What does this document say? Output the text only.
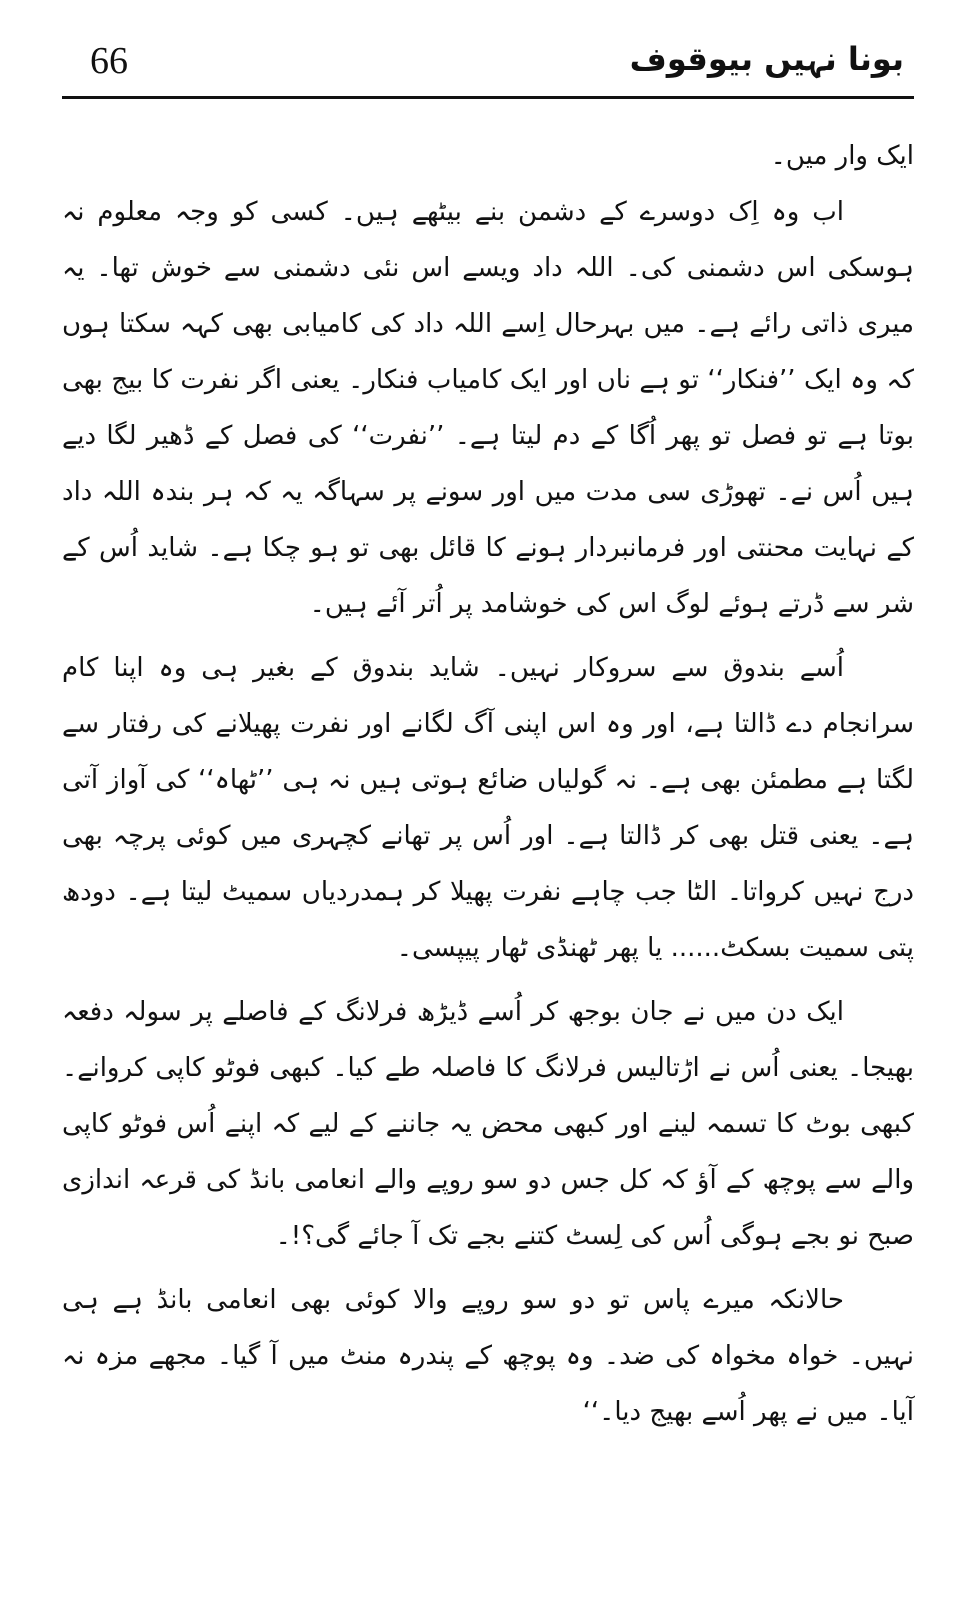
66	بونا نہیں بیوقوف

ایک وار میں۔

اب وہ اِک دوسرے کے دشمن بنے بیٹھے ہیں۔ کسی کو وجہ معلوم نہ ہوسکی اس دشمنی کی۔ اللہ داد ویسے اس نئی دشمنی سے خوش تھا۔ یہ میری ذاتی رائے ہے۔ میں بہرحال اِسے اللہ داد کی کامیابی بھی کہہ سکتا ہوں کہ وہ ایک ’’فنکار‘‘ تو ہے ناں اور ایک کامیاب فنکار۔ یعنی اگر نفرت کا بیج بھی بوتا ہے تو فصل تو پھر اُگا کے دم لیتا ہے۔ ’’نفرت‘‘ کی فصل کے ڈھیر لگا دیے ہیں اُس نے۔ تھوڑی سی مدت میں اور سونے پر سہاگہ یہ کہ ہر بندہ اللہ داد کے نہایت محنتی اور فرمانبردار ہونے کا قائل بھی تو ہو چکا ہے۔ شاید اُس کے شر سے ڈرتے ہوئے لوگ اس کی خوشامد پر اُتر آئے ہیں۔

اُسے بندوق سے سروکار نہیں۔ شاید بندوق کے بغیر ہی وہ اپنا کام سرانجام دے ڈالتا ہے، اور وہ اس اپنی آگ لگانے اور نفرت پھیلانے کی رفتار سے لگتا ہے مطمئن بھی ہے۔ نہ گولیاں ضائع ہوتی ہیں نہ ہی ’’ٹھاہ‘‘ کی آواز آتی ہے۔ یعنی قتل بھی کر ڈالتا ہے۔ اور اُس پر تھانے کچہری میں کوئی پرچہ بھی درج نہیں کرواتا۔ الٹا جب چاہے نفرت پھیلا کر ہمدردیاں سمیٹ لیتا ہے۔ دودھ پتی سمیت بسکٹ...... یا پھر ٹھنڈی ٹھار پیپسی۔

ایک دن میں نے جان بوجھ کر اُسے ڈیڑھ فرلانگ کے فاصلے پر سولہ دفعہ بھیجا۔ یعنی اُس نے اڑتالیس فرلانگ کا فاصلہ طے کیا۔ کبھی فوٹو کاپی کروانے۔ کبھی بوٹ کا تسمہ لینے اور کبھی محض یہ جاننے کے لیے کہ اپنے اُس فوٹو کاپی والے سے پوچھ کے آؤ کہ کل جس دو سو روپے والے انعامی بانڈ کی قرعہ اندازی صبح نو بجے ہوگی اُس کی لِسٹ کتنے بجے تک آ جائے گی؟!۔

حالانکہ میرے پاس تو دو سو روپے والا کوئی بھی انعامی بانڈ ہے ہی نہیں۔ خواہ مخواہ کی ضد۔ وہ پوچھ کے پندرہ منٹ میں آ گیا۔ مجھے مزہ نہ آیا۔ میں نے پھر اُسے بھیج دیا۔‘‘
